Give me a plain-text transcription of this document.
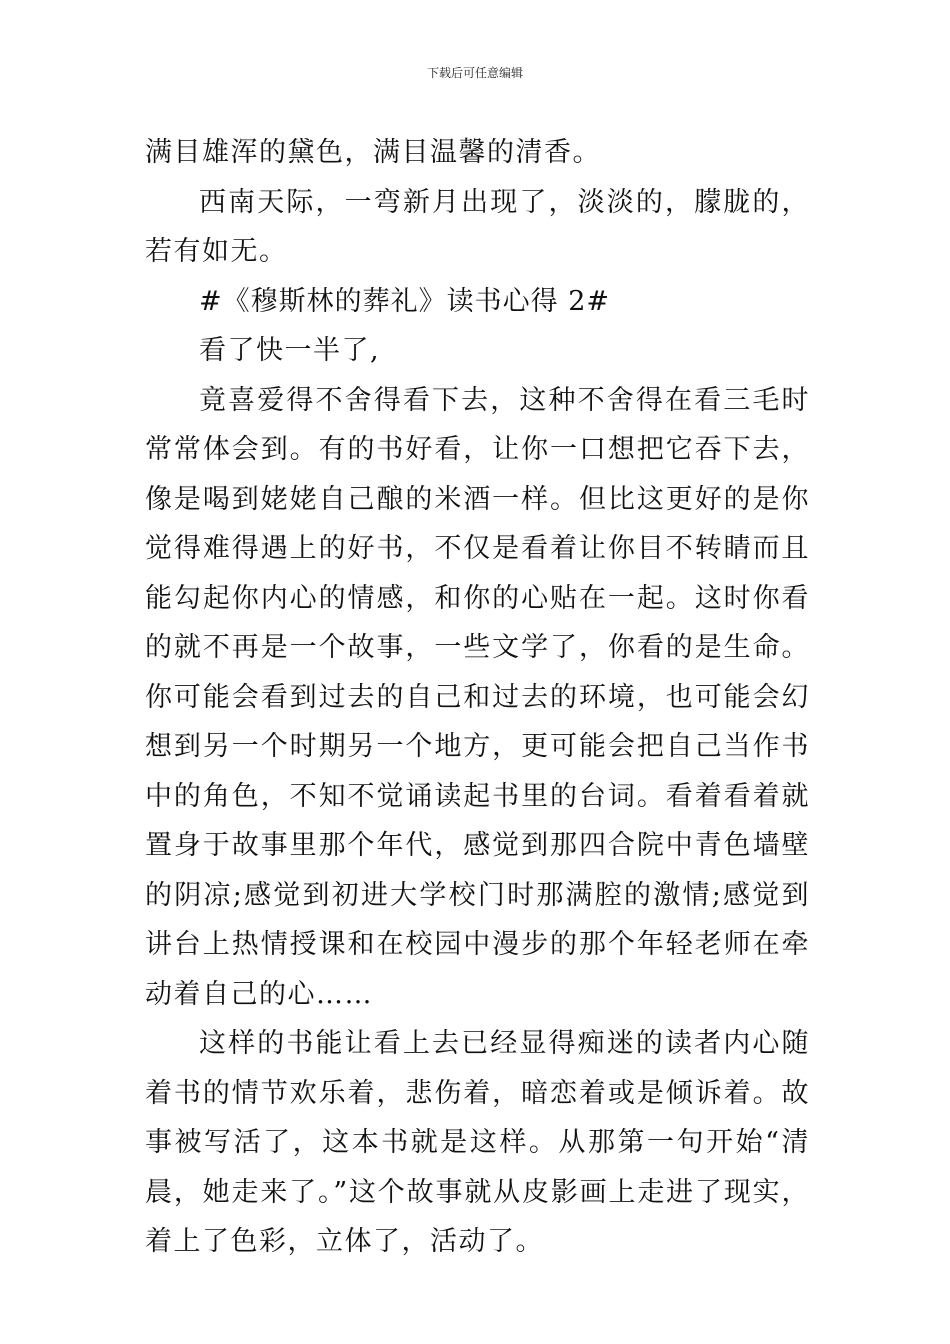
下载后可任意编辑

满目雄浑的黛色，满目温馨的清香。

西南天际，一弯新月出现了，淡淡的，朦胧的，若有如无。

#《穆斯林的葬礼》读书心得 2#

看了快一半了,

竟喜爱得不舍得看下去，这种不舍得在看三毛时常常体会到。有的书好看，让你一口想把它吞下去，像是喝到姥姥自己酿的米酒一样。但比这更好的是你觉得难得遇上的好书，不仅是看着让你目不转睛而且能勾起你内心的情感，和你的心贴在一起。这时你看的就不再是一个故事，一些文学了，你看的是生命。你可能会看到过去的自己和过去的环境，也可能会幻想到另一个时期另一个地方，更可能会把自己当作书中的角色，不知不觉诵读起书里的台词。看着看着就置身于故事里那个年代，感觉到那四合院中青色墙壁的阴凉;感觉到初进大学校门时那满腔的激情;感觉到讲台上热情授课和在校园中漫步的那个年轻老师在牵动着自己的心……

这样的书能让看上去已经显得痴迷的读者内心随着书的情节欢乐着，悲伤着，暗恋着或是倾诉着。故事被写活了，这本书就是这样。从那第一句开始“清晨，她走来了。”这个故事就从皮影画上走进了现实，着上了色彩，立体了，活动了。
